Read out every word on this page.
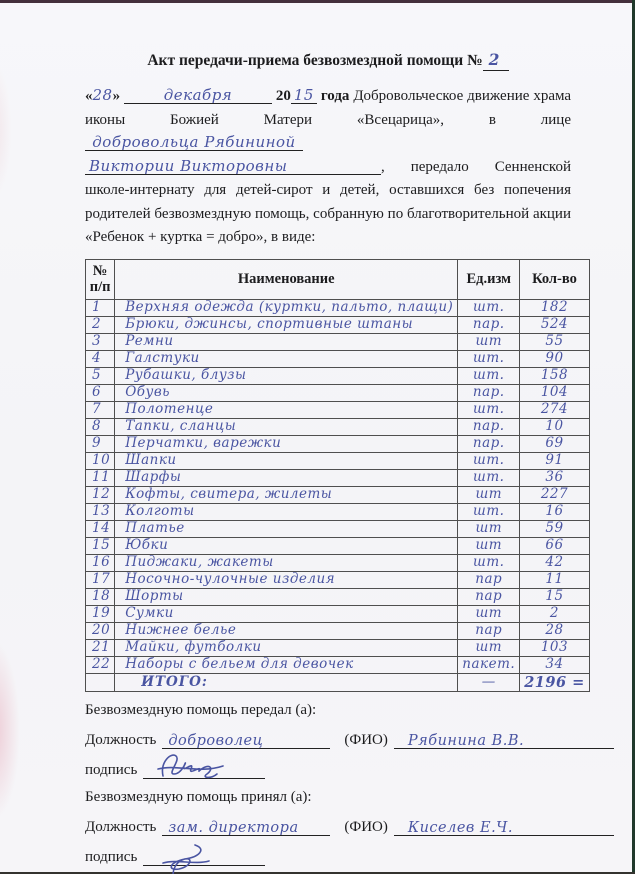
Акт передачи-приема безвозмездной помощи № 2

«28»	декабря	20 15 года Добровольческое движение храма иконы Божией Матери «Всецарица», в лице добровольца Рябининой Виктории Викторовны	, передало Сенненской школе-интернату для детей-сирот и детей, оставшихся без попечения родителей безвозмездную помощь, собранную по благотворительной акции «Ребенок + куртка = добро», в виде:

№
п/п	Наименование	Ед.изм	Кол-во
1	Верхняя одежда (куртки, пальто, плащи)	шт.	182
2	Брюки, джинсы, спортивные штаны	пар.	524
3	Ремни	шт	55
4	Галстуки	шт.	90
5	Рубашки, блузы	шт.	158
6	Обувь	пар.	104
7	Полотенце	шт.	274
8	Тапки, сланцы	пар.	10
9	Перчатки, варежки	пар.	69
10	Шапки	шт.	91
11	Шарфы	шт.	36
12	Кофты, свитера, жилеты	шт	227
13	Колготы	шт.	16
14	Платье	шт	59
15	Юбки	шт	66
16	Пиджаки, жакеты	шт.	42
17	Носочно-чулочные изделия	пар	11
18	Шорты	пар	15
19	Сумки	шт	2
20	Нижнее белье	пар	28
21	Майки, футболки	шт	103
22	Наборы с бельем для девочек	пакет.	34
	ИТОГО:	—	2196 =

Безвозмездную помощь передал (а):

Должность доброволец	(ФИО)	Рябинина В.В.
подпись

Безвозмездную помощь принял (а):

Должность зам. директора	(ФИО)	Киселев Е.Ч.
подпись
